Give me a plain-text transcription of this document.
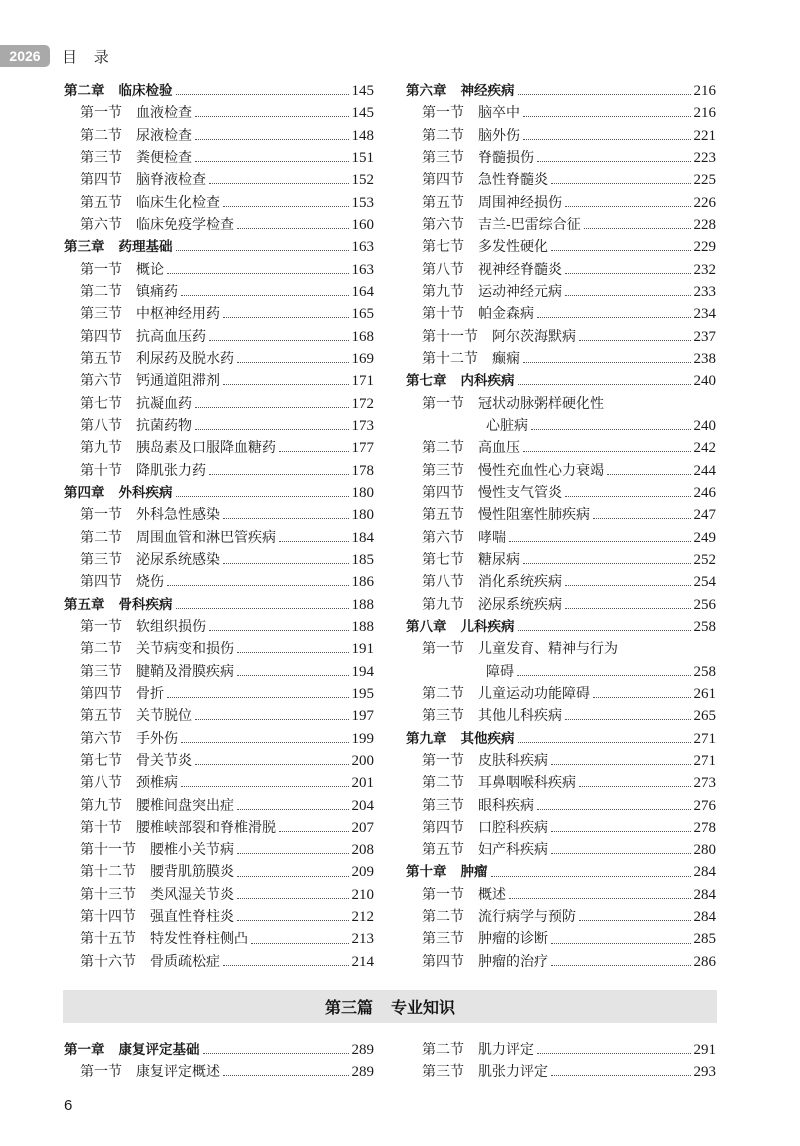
2026	目 录
第二章 临床检验	145
第一节 血液检查	145
第二节 尿液检查	148
第三节 粪便检查	151
第四节 脑脊液检查	152
第五节 临床生化检查	153
第六节 临床免疫学检查	160
第三章 药理基础	163
第一节 概论	163
第二节 镇痛药	164
第三节 中枢神经用药	165
第四节 抗高血压药	168
第五节 利尿药及脱水药	169
第六节 钙通道阻滞剂	171
第七节 抗凝血药	172
第八节 抗菌药物	173
第九节 胰岛素及口服降血糖药	177
第十节 降肌张力药	178
第四章 外科疾病	180
第一节 外科急性感染	180
第二节 周围血管和淋巴管疾病	184
第三节 泌尿系统感染	185
第四节 烧伤	186
第五章 骨科疾病	188
第一节 软组织损伤	188
第二节 关节病变和损伤	191
第三节 腱鞘及滑膜疾病	194
第四节 骨折	195
第五节 关节脱位	197
第六节 手外伤	199
第七节 骨关节炎	200
第八节 颈椎病	201
第九节 腰椎间盘突出症	204
第十节 腰椎峡部裂和脊椎滑脱	207
第十一节 腰椎小关节病	208
第十二节 腰背肌筋膜炎	209
第十三节 类风湿关节炎	210
第十四节 强直性脊柱炎	212
第十五节 特发性脊柱侧凸	213
第十六节 骨质疏松症	214
第六章 神经疾病	216
第一节 脑卒中	216
第二节 脑外伤	221
第三节 脊髓损伤	223
第四节 急性脊髓炎	225
第五节 周围神经损伤	226
第六节 吉兰-巴雷综合征	228
第七节 多发性硬化	229
第八节 视神经脊髓炎	232
第九节 运动神经元病	233
第十节 帕金森病	234
第十一节 阿尔茨海默病	237
第十二节 癫痫	238
第七章 内科疾病	240
第一节 冠状动脉粥样硬化性
心脏病	240
第二节 高血压	242
第三节 慢性充血性心力衰竭	244
第四节 慢性支气管炎	246
第五节 慢性阻塞性肺疾病	247
第六节 哮喘	249
第七节 糖尿病	252
第八节 消化系统疾病	254
第九节 泌尿系统疾病	256
第八章 儿科疾病	258
第一节 儿童发育、精神与行为
障碍	258
第二节 儿童运动功能障碍	261
第三节 其他儿科疾病	265
第九章 其他疾病	271
第一节 皮肤科疾病	271
第二节 耳鼻咽喉科疾病	273
第三节 眼科疾病	276
第四节 口腔科疾病	278
第五节 妇产科疾病	280
第十章 肿瘤	284
第一节 概述	284
第二节 流行病学与预防	284
第三节 肿瘤的诊断	285
第四节 肿瘤的治疗	286
第三篇 专业知识
第一章 康复评定基础	289
第一节 康复评定概述	289
第二节 肌力评定	291
第三节 肌张力评定	293
6
